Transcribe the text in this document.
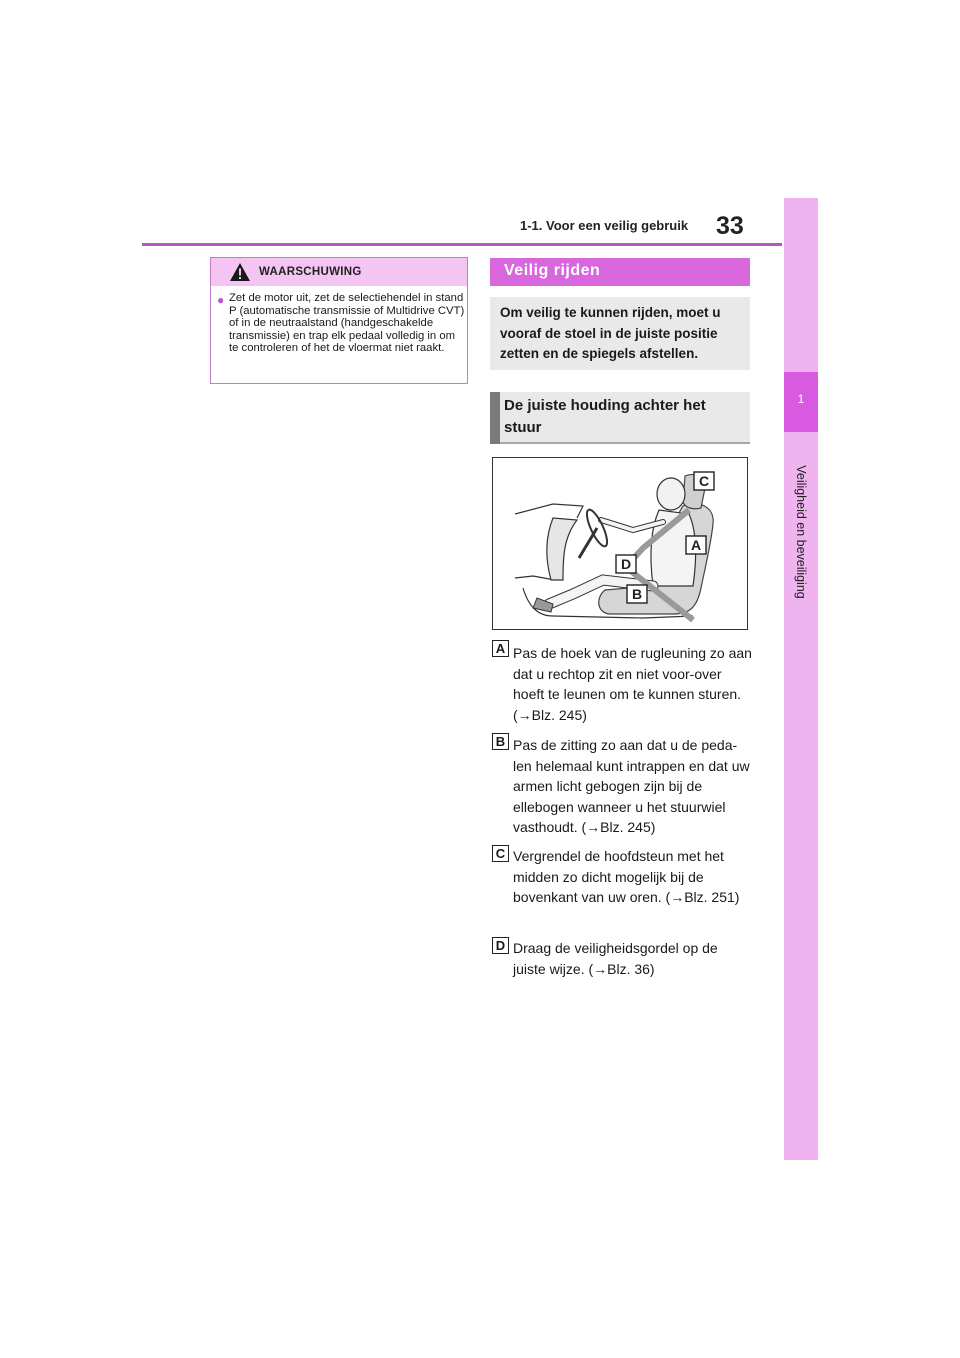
1-1. Voor een veilig gebruik 33
1
Veiligheid en beveiliging
WAARSCHUWING
● Zet de motor uit, zet de selectiehendel in stand P (automatische transmissie of Multidrive CVT) of in de neutraalstand (handgeschakelde transmissie) en trap elk pedaal volledig in om te controleren of het de vloermat niet raakt.
Veilig rijden
Om veilig te kunnen rijden, moet u vooraf de stoel in de juiste positie zetten en de spiegels afstellen.
De juiste houding achter het stuur
C
A
D
B
A Pas de hoek van de rugleuning zo aan dat u rechtop zit en niet voor-over hoeft te leunen om te kunnen sturen. (→Blz. 245)
B Pas de zitting zo aan dat u de peda-len helemaal kunt intrappen en dat uw armen licht gebogen zijn bij de ellebogen wanneer u het stuurwiel vasthoudt. (→Blz. 245)
C Vergrendel de hoofdsteun met het midden zo dicht mogelijk bij de bovenkant van uw oren. (→Blz. 251)
D Draag de veiligheidsgordel op de juiste wijze. (→Blz. 36)
